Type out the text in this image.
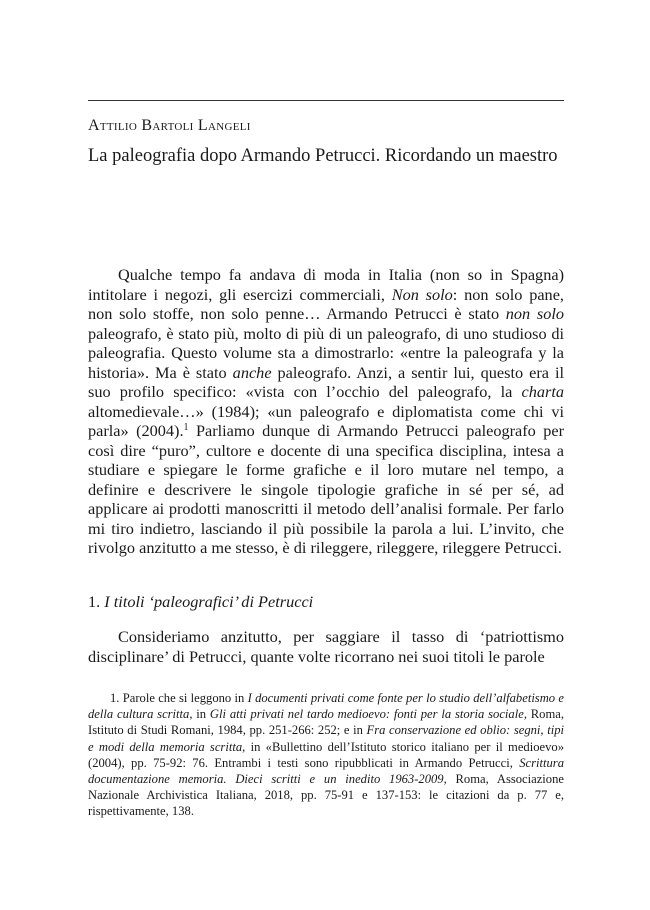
Attilio Bartoli Langeli
La paleografia dopo Armando Petrucci. Ricordando un maestro

Qualche tempo fa andava di moda in Italia (non so in Spagna) intitolare i negozi, gli esercizi commerciali, Non solo: non solo pane, non solo stoffe, non solo penne… Armando Petrucci è stato non solo paleografo, è stato più, molto di più di un paleografo, di uno studioso di paleografia. Questo volume sta a dimostrarlo: «entre la paleografa y la historia». Ma è stato anche paleografo. Anzi, a sentir lui, questo era il suo profilo specifico: «vista con l’occhio del paleografo, la charta altomedievale…» (1984); «un paleografo e diplomatista come chi vi parla» (2004).$^1$ Parliamo dunque di Armando Petrucci paleografo per così dire “puro”, cultore e docente di una specifica disciplina, intesa a studiare e spiegare le forme grafiche e il loro mutare nel tempo, a definire e descrivere le singole tipologie grafiche in sé per sé, ad applicare ai prodotti manoscritti il metodo dell’analisi formale. Per farlo mi tiro indietro, lasciando il più possibile la parola a lui. L’invito, che rivolgo anzitutto a me stesso, è di rileggere, rileggere, rileggere Petrucci.

1. I titoli ‘paleografici’ di Petrucci

Consideriamo anzitutto, per saggiare il tasso di ‘patriottismo disciplinare’ di Petrucci, quante volte ricorrano nei suoi titoli le parole

1. Parole che si leggono in I documenti privati come fonte per lo studio dell’alfabetismo e della cultura scritta, in Gli atti privati nel tardo medioevo: fonti per la storia sociale, Roma, Istituto di Studi Romani, 1984, pp. 251-266: 252; e in Fra conservazione ed oblio: segni, tipi e modi della memoria scritta, in «Bullettino dell’Istituto storico italiano per il medioevo» (2004), pp. 75-92: 76. Entrambi i testi sono ripubblicati in Armando Petrucci, Scrittura documentazione memoria. Dieci scritti e un inedito 1963-2009, Roma, Associazione Nazionale Archivistica Italiana, 2018, pp. 75-91 e 137-153: le citazioni da p. 77 e, rispettivamente, 138.
